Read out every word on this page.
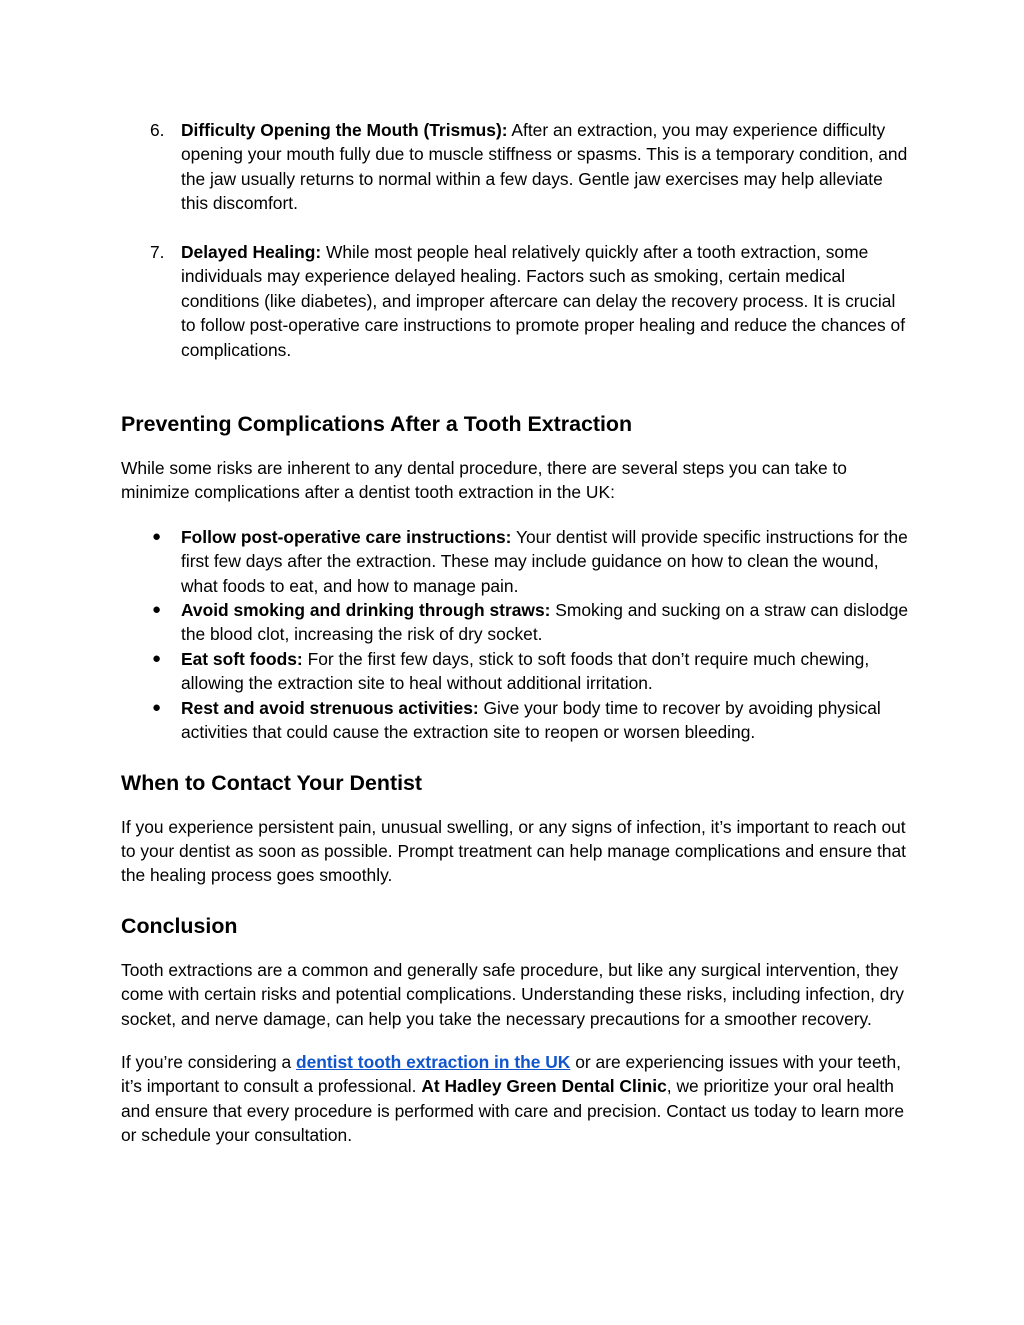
6. Difficulty Opening the Mouth (Trismus): After an extraction, you may experience difficulty opening your mouth fully due to muscle stiffness or spasms. This is a temporary condition, and the jaw usually returns to normal within a few days. Gentle jaw exercises may help alleviate this discomfort.
7. Delayed Healing: While most people heal relatively quickly after a tooth extraction, some individuals may experience delayed healing. Factors such as smoking, certain medical conditions (like diabetes), and improper aftercare can delay the recovery process. It is crucial to follow post-operative care instructions to promote proper healing and reduce the chances of complications.
Preventing Complications After a Tooth Extraction

While some risks are inherent to any dental procedure, there are several steps you can take to minimize complications after a dentist tooth extraction in the UK:

● Follow post-operative care instructions: Your dentist will provide specific instructions for the first few days after the extraction. These may include guidance on how to clean the wound, what foods to eat, and how to manage pain.
● Avoid smoking and drinking through straws: Smoking and sucking on a straw can dislodge the blood clot, increasing the risk of dry socket.
● Eat soft foods: For the first few days, stick to soft foods that don’t require much chewing, allowing the extraction site to heal without additional irritation.
● Rest and avoid strenuous activities: Give your body time to recover by avoiding physical activities that could cause the extraction site to reopen or worsen bleeding.
When to Contact Your Dentist

If you experience persistent pain, unusual swelling, or any signs of infection, it’s important to reach out to your dentist as soon as possible. Prompt treatment can help manage complications and ensure that the healing process goes smoothly.

Conclusion

Tooth extractions are a common and generally safe procedure, but like any surgical intervention, they come with certain risks and potential complications. Understanding these risks, including infection, dry socket, and nerve damage, can help you take the necessary precautions for a smoother recovery.

If you’re considering a dentist tooth extraction in the UK or are experiencing issues with your teeth, it’s important to consult a professional. At Hadley Green Dental Clinic, we prioritize your oral health and ensure that every procedure is performed with care and precision. Contact us today to learn more or schedule your consultation.
